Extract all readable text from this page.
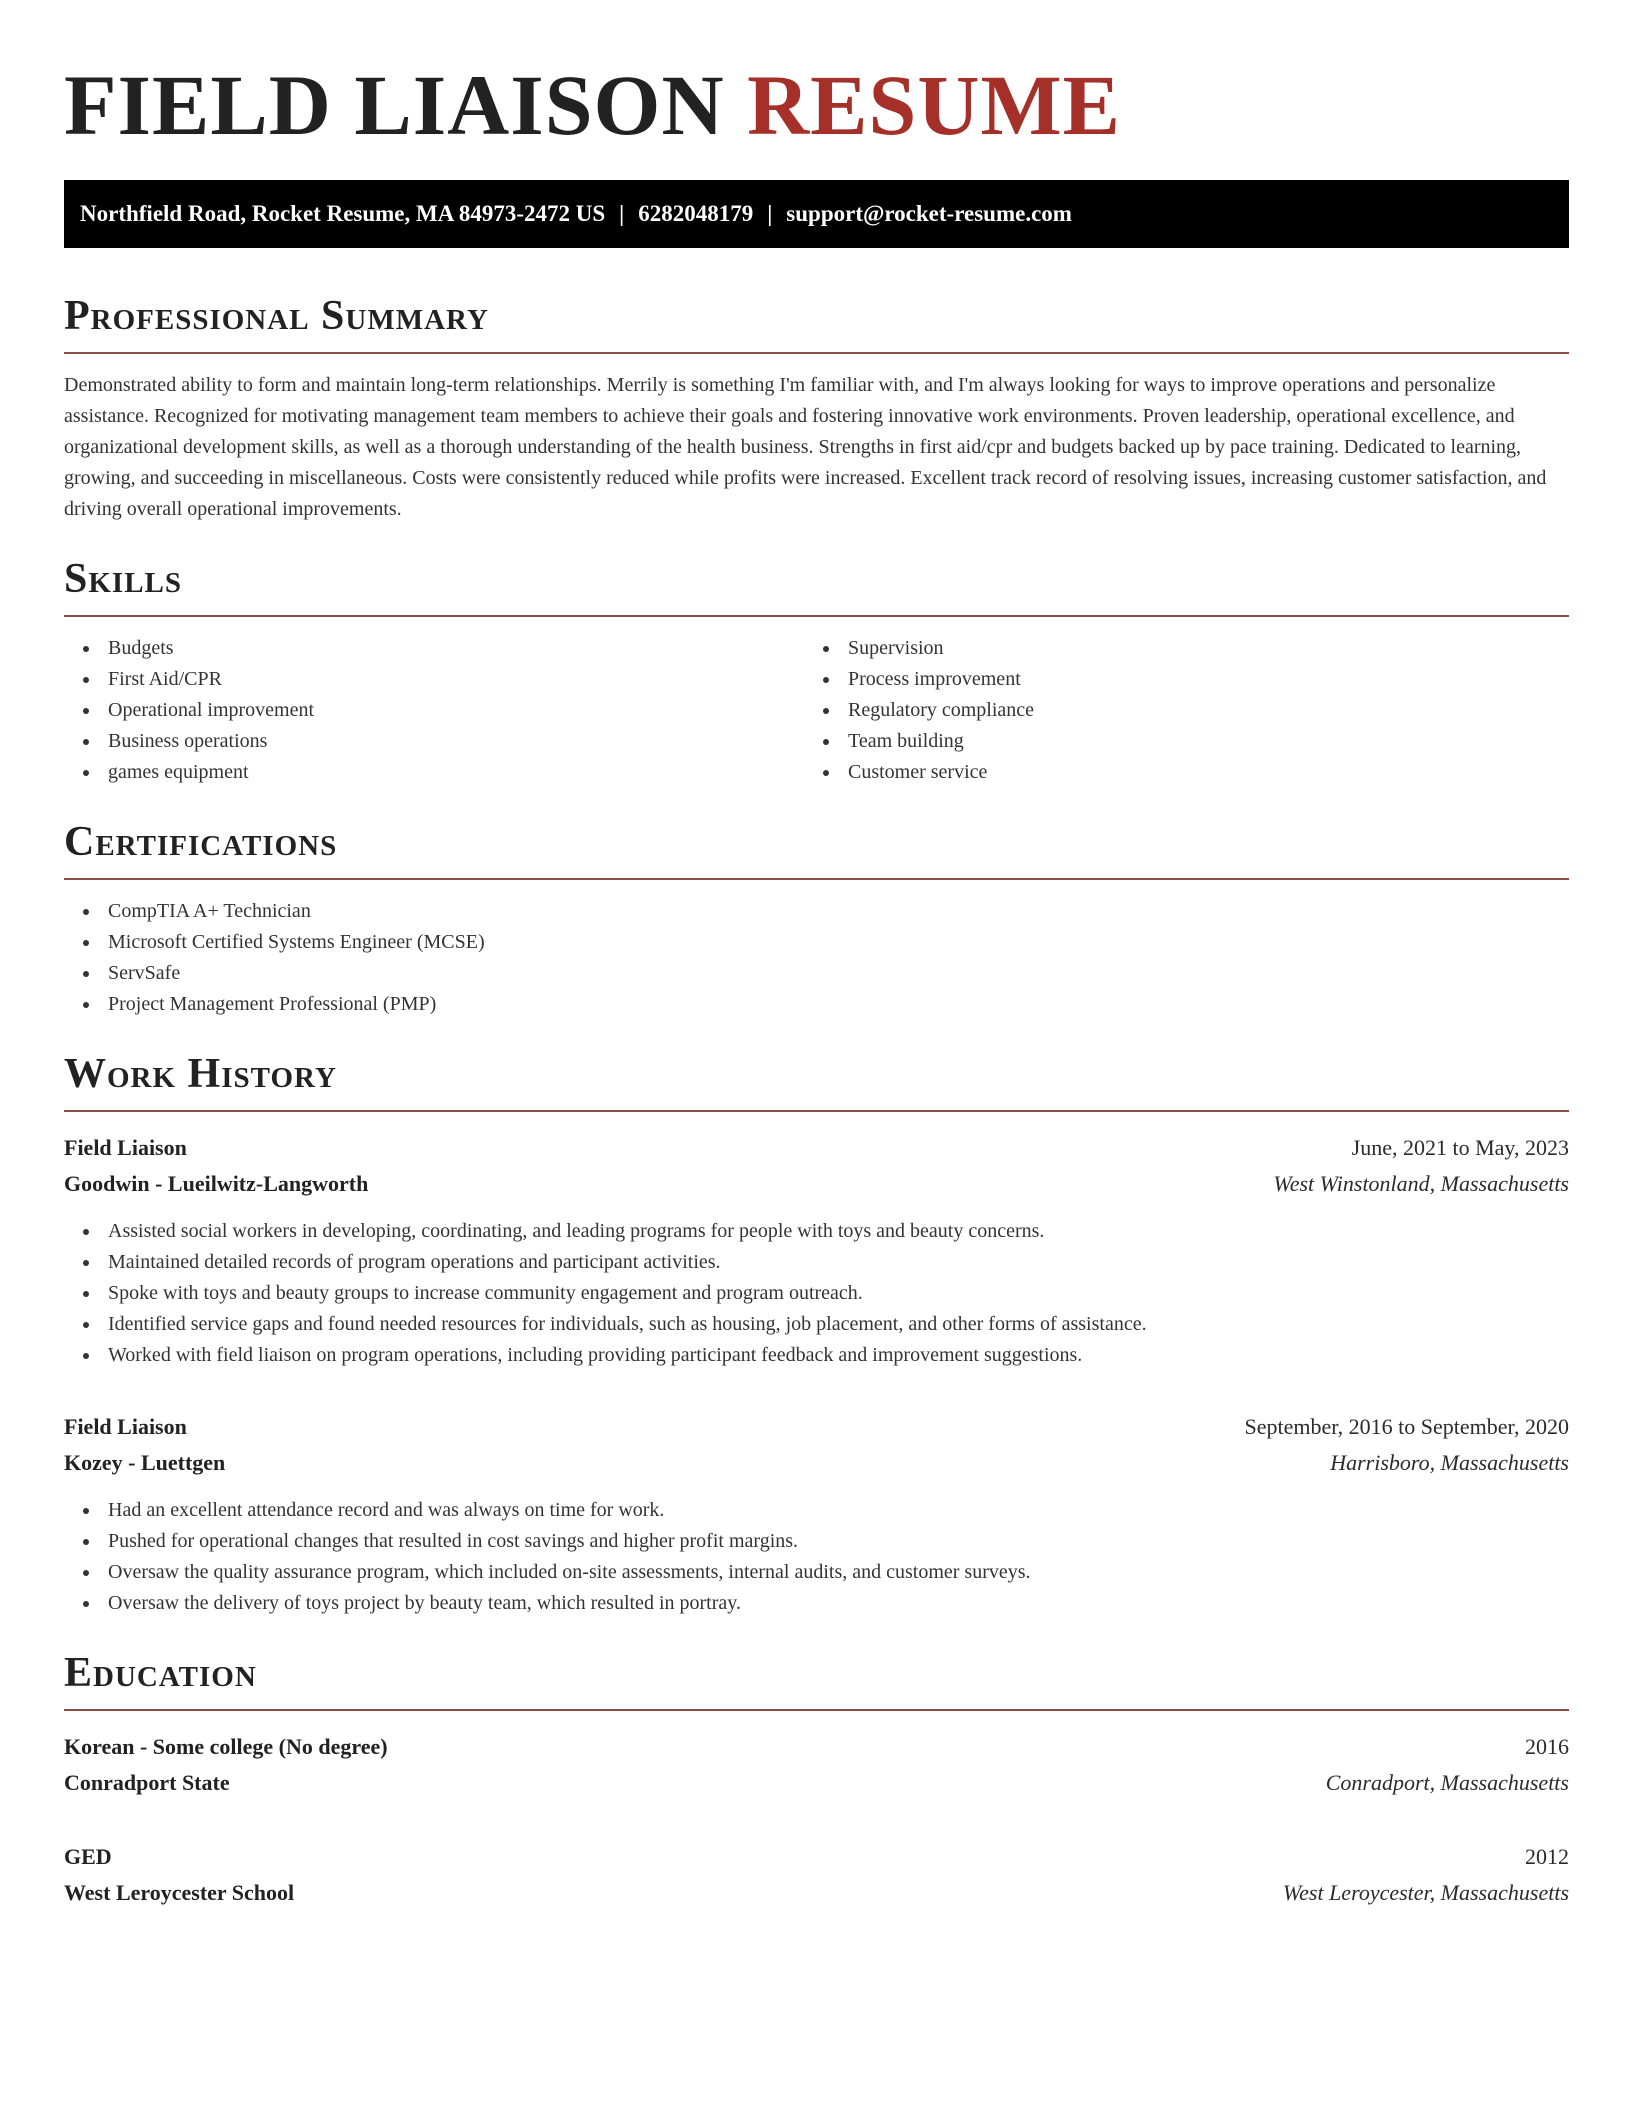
FIELD LIAISON RESUME
Northfield Road, Rocket Resume, MA 84973-2472 US | 6282048179 | support@rocket-resume.com
Professional Summary
Demonstrated ability to form and maintain long-term relationships. Merrily is something I'm familiar with, and I'm always looking for ways to improve operations and personalize assistance. Recognized for motivating management team members to achieve their goals and fostering innovative work environments. Proven leadership, operational excellence, and organizational development skills, as well as a thorough understanding of the health business. Strengths in first aid/cpr and budgets backed up by pace training. Dedicated to learning, growing, and succeeding in miscellaneous. Costs were consistently reduced while profits were increased. Excellent track record of resolving issues, increasing customer satisfaction, and driving overall operational improvements.
Skills
Budgets
First Aid/CPR
Operational improvement
Business operations
games equipment
Supervision
Process improvement
Regulatory compliance
Team building
Customer service
Certifications
CompTIA A+ Technician
Microsoft Certified Systems Engineer (MCSE)
ServSafe
Project Management Professional (PMP)
Work History
Field Liaison	June, 2021 to May, 2023
Goodwin - Lueilwitz-Langworth	West Winstonland, Massachusetts
Assisted social workers in developing, coordinating, and leading programs for people with toys and beauty concerns.
Maintained detailed records of program operations and participant activities.
Spoke with toys and beauty groups to increase community engagement and program outreach.
Identified service gaps and found needed resources for individuals, such as housing, job placement, and other forms of assistance.
Worked with field liaison on program operations, including providing participant feedback and improvement suggestions.
Field Liaison	September, 2016 to September, 2020
Kozey - Luettgen	Harrisboro, Massachusetts
Had an excellent attendance record and was always on time for work.
Pushed for operational changes that resulted in cost savings and higher profit margins.
Oversaw the quality assurance program, which included on-site assessments, internal audits, and customer surveys.
Oversaw the delivery of toys project by beauty team, which resulted in portray.
Education
Korean - Some college (No degree)	2016
Conradport State	Conradport, Massachusetts
GED	2012
West Leroycester School	West Leroycester, Massachusetts
